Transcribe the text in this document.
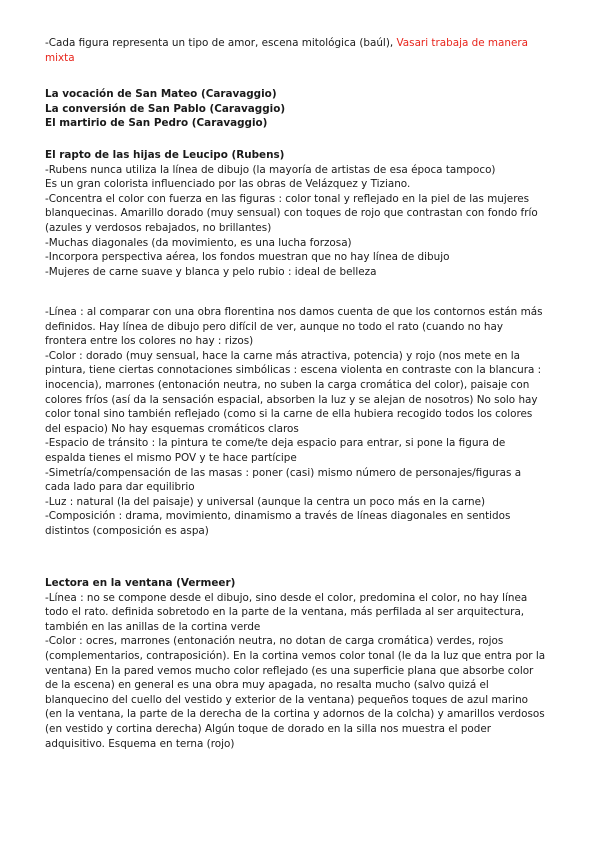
-Cada figura representa un tipo de amor, escena mitológica (baúl), Vasari trabaja de manera
mixta
La vocación de San Mateo (Caravaggio)
La conversión de San Pablo (Caravaggio)
El martirio de San Pedro (Caravaggio)
El rapto de las hijas de Leucipo (Rubens)
-Rubens nunca utiliza la línea de dibujo (la mayoría de artistas de esa época tampoco)
Es un gran colorista influenciado por las obras de Velázquez y Tiziano.
-Concentra el color con fuerza en las figuras : color tonal y reflejado en la piel de las mujeres
blanquecinas. Amarillo dorado (muy sensual) con toques de rojo que contrastan con fondo frío
(azules y verdosos rebajados, no brillantes)
-Muchas diagonales (da movimiento, es una lucha forzosa)
-Incorpora perspectiva aérea, los fondos muestran que no hay línea de dibujo
-Mujeres de carne suave y blanca y pelo rubio : ideal de belleza
-Línea : al comparar con una obra florentina nos damos cuenta de que los contornos están más
definidos. Hay línea de dibujo pero difícil de ver, aunque no todo el rato (cuando no hay
frontera entre los colores no hay : rizos)
-Color : dorado (muy sensual, hace la carne más atractiva, potencia) y rojo (nos mete en la
pintura, tiene ciertas connotaciones simbólicas : escena violenta en contraste con la blancura :
inocencia), marrones (entonación neutra, no suben la carga cromática del color), paisaje con
colores fríos (así da la sensación espacial, absorben la luz y se alejan de nosotros) No solo hay
color tonal sino también reflejado (como si la carne de ella hubiera recogido todos los colores
del espacio) No hay esquemas cromáticos claros
-Espacio de tránsito : la pintura te come/te deja espacio para entrar, si pone la figura de
espalda tienes el mismo POV y te hace partícipe
-Simetría/compensación de las masas : poner (casi) mismo número de personajes/figuras a
cada lado para dar equilibrio
-Luz : natural (la del paisaje) y universal (aunque la centra un poco más en la carne)
-Composición : drama, movimiento, dinamismo a través de líneas diagonales en sentidos
distintos (composición es aspa)
Lectora en la ventana (Vermeer)
-Línea : no se compone desde el dibujo, sino desde el color, predomina el color, no hay línea
todo el rato. definida sobretodo en la parte de la ventana, más perfilada al ser arquitectura,
también en las anillas de la cortina verde
-Color : ocres, marrones (entonación neutra, no dotan de carga cromática) verdes, rojos
(complementarios, contraposición). En la cortina vemos color tonal (le da la luz que entra por la
ventana) En la pared vemos mucho color reflejado (es una superficie plana que absorbe color
de la escena) en general es una obra muy apagada, no resalta mucho (salvo quizá el
blanquecino del cuello del vestido y exterior de la ventana) pequeños toques de azul marino
(en la ventana, la parte de la derecha de la cortina y adornos de la colcha) y amarillos verdosos
(en vestido y cortina derecha) Algún toque de dorado en la silla nos muestra el poder
adquisitivo. Esquema en terna (rojo)
